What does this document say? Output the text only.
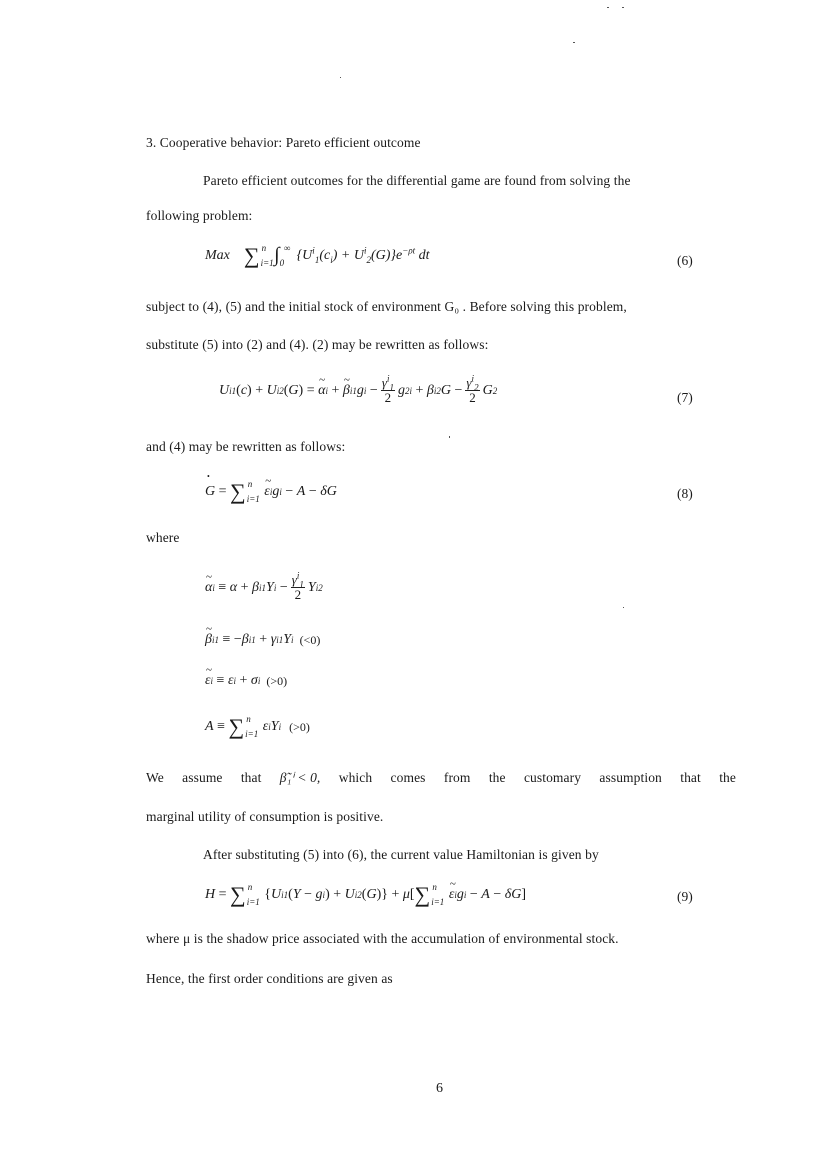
3. Cooperative behavior: Pareto efficient outcome
Pareto efficient outcomes for the differential game are found from solving the
following problem:
Max ∑ i=1
n ∫ 0
∞ $\{U^i_1(c_i) + U^i_2(G)\}e^{-\rho t}$ dt	(6)
subject to (4), (5) and the initial stock of environment G₀ . Before solving this problem,
substitute (5) into (2) and (4). (2) may be rewritten as follows:
U i 1 ( c ) + U i 2 ( G ) = ~ α i + ~ β i 1 g $i - \frac{\gamma^i_1}{2}$ g 2 i + β i 2 $G - \frac{\gamma^i_2}{2}$ G 2	(7)
and (4) may be rewritten as follows:
• G = ∑ i=1
n ~ ε i g i − A − δG	(8)
where
~ α i ≡ α + β i 1 Y $i - \frac{\gamma^i_1}{2}$ Y i 2
~ β i 1 ≡ − β i 1 + γ i 1 Y i (<0)
~ ε i ≡ ε i + σ i (>0)
A ≡ ∑ i=1
n ε i Y i (>0)
We assume that β̃₁ⁱ < 0, which comes from the customary assumption that the
marginal utility of consumption is positive.
After substituting (5) into (6), the current value Hamiltonian is given by
H = ∑ i=1
n { U i 1 ( Y − g i ) + U i 2 ( G )} + μ [ ∑ i=1
n ~ ε i g i − A − δG ]	(9)
where μ is the shadow price associated with the accumulation of environmental stock.
Hence, the first order conditions are given as
6
